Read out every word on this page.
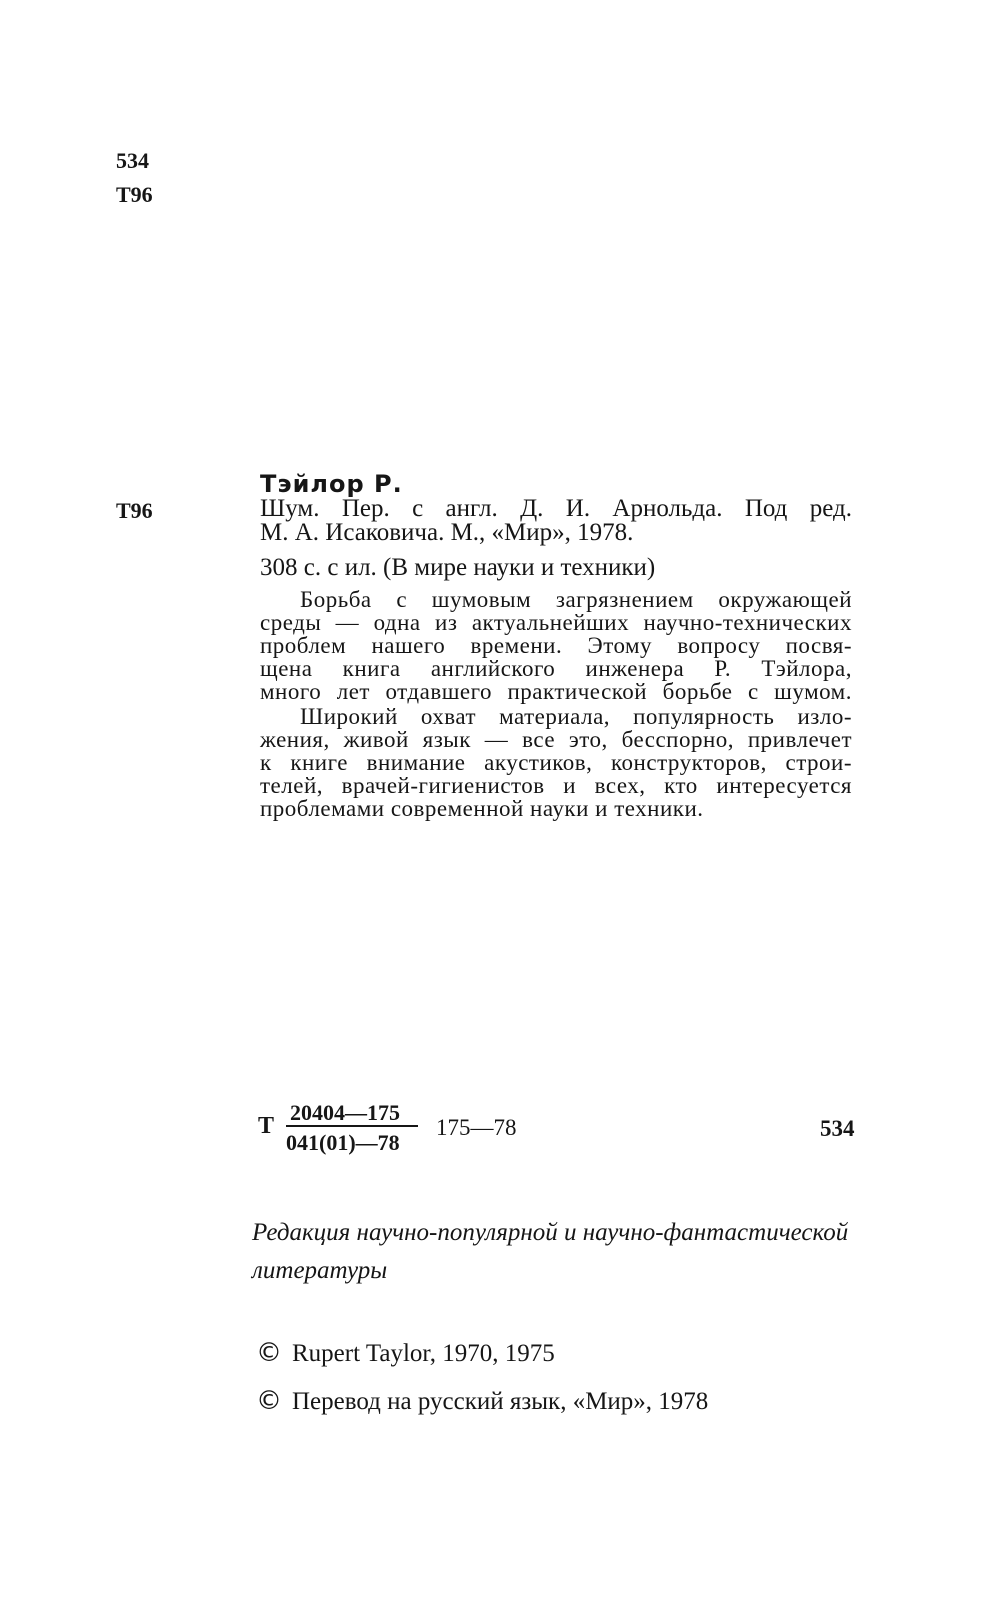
534
Т96
Т96
Тэйлор Р.
Шум. Пер. с англ. Д. И. Арнольда. Под ред.
М. А. Исаковича. М., «Мир», 1978.
308 с. с ил. (В мире науки и техники)
Борьба с шумовым загрязнением окружающей
среды — одна из актуальнейших научно-технических
проблем нашего времени. Этому вопросу посвя-
щена книга английского инженера Р. Тэйлора,
много лет отдавшего практической борьбе с шумом.
Широкий охват материала, популярность изло-
жения, живой язык — все это, бесспорно, привлечет
к книге внимание акустиков, конструкторов, строи-
телей, врачей-гигиенистов и всех, кто интересуется
проблемами современной науки и техники.
Т
20404—175
041(01)—78
175—78	534
Редакция научно-популярной и научно-фантастической
литературы
© Rupert Taylor, 1970, 1975
© Перевод на русский язык, «Мир», 1978
